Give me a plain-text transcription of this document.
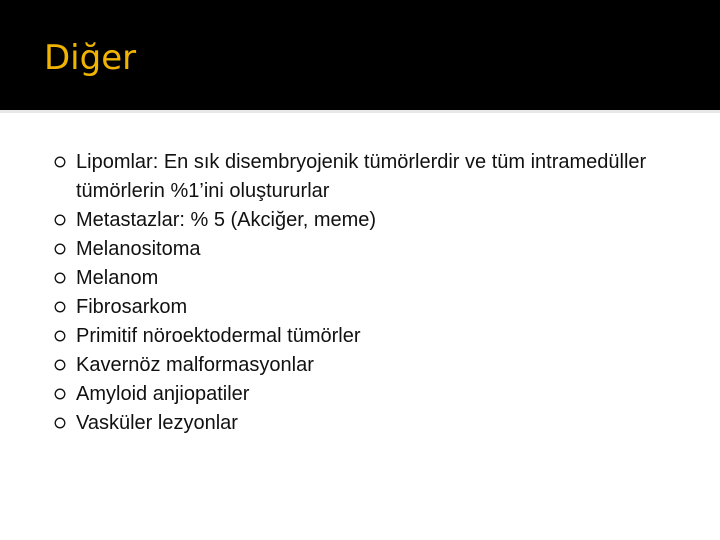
Diğer
Lipomlar: En sık disembryojenik tümörlerdir ve tüm intramedüller tümörlerin %1’ini oluştururlar
Metastazlar: % 5 (Akciğer, meme)
Melanositoma
Melanom
Fibrosarkom
Primitif nöroektodermal tümörler
Kavernöz malformasyonlar
Amyloid anjiopatiler
Vasküler lezyonlar
